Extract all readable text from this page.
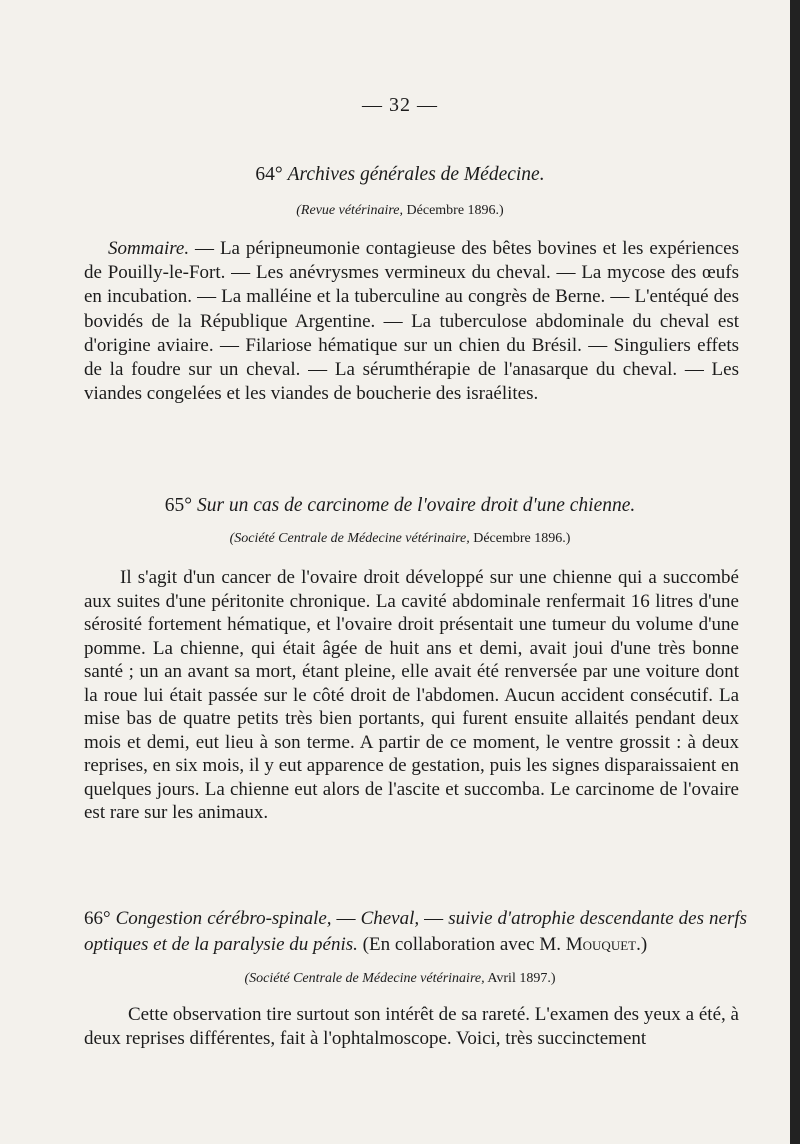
— 32 —
64° Archives générales de Médecine.
(Revue vétérinaire, Décembre 1896.)

Sommaire. — La péripneumonie contagieuse des bêtes bovines et les expériences de Pouilly-le-Fort. — Les anévrysmes vermineux du cheval. — La mycose des œufs en incubation. — La malléine et la tuberculine au congrès de Berne. — L'entéqué des bovidés de la République Argentine. — La tuberculose abdominale du cheval est d'origine aviaire. — Filariose hématique sur un chien du Brésil. — Singuliers effets de la foudre sur un cheval. — La sérumthérapie de l'anasarque du cheval. — Les viandes congelées et les viandes de boucherie des israélites.

65° Sur un cas de carcinome de l'ovaire droit d'une chienne.
(Société Centrale de Médecine vétérinaire, Décembre 1896.)

Il s'agit d'un cancer de l'ovaire droit développé sur une chienne qui a succombé aux suites d'une péritonite chronique. La cavité abdominale renfermait 16 litres d'une sérosité fortement hématique, et l'ovaire droit présentait une tumeur du volume d'une pomme. La chienne, qui était âgée de huit ans et demi, avait joui d'une très bonne santé ; un an avant sa mort, étant pleine, elle avait été renversée par une voiture dont la roue lui était passée sur le côté droit de l'abdomen. Aucun accident consécutif. La mise bas de quatre petits très bien portants, qui furent ensuite allaités pendant deux mois et demi, eut lieu à son terme. A partir de ce moment, le ventre grossit : à deux reprises, en six mois, il y eut apparence de gestation, puis les signes disparaissaient en quelques jours. La chienne eut alors de l'ascite et succomba. Le carcinome de l'ovaire est rare sur les animaux.

66° Congestion cérébro-spinale, — Cheval, — suivie d'atrophie descendante des nerfs optiques et de la paralysie du pénis. (En collaboration avec M. Mouquet.)

(Société Centrale de Médecine vétérinaire, Avril 1897.)

Cette observation tire surtout son intérêt de sa rareté. L'examen des yeux a été, à deux reprises différentes, fait à l'ophtalmoscope. Voici, très succinctement
